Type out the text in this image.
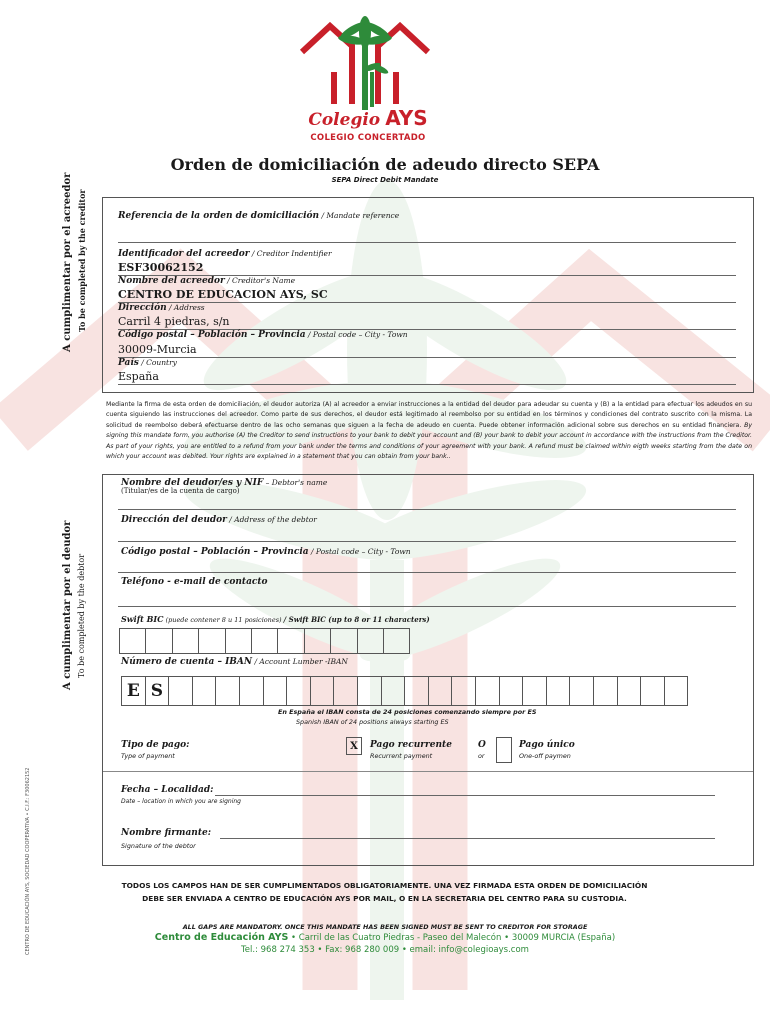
Colegio AYS
COLEGIO CONCERTADO
Orden de domiciliación de adeudo directo SEPA
SEPA Direct Debit Mandate
A cumplimentar por el acreedor To be completed by the creditor	Referencia de la orden de domiciliación / Mandate reference
Identificador del acreedor / Creditor Indentifier
ESF30062152
Nombre del acreedor / Creditor's Name
CENTRO DE EDUCACION AYS, SC
Dirección / Address
Carril 4 piedras, s/n
Código postal – Población – Provincia / Postal code – City - Town
30009-Murcia
País / Country
España
Mediante la firma de esta orden de domiciliación, el deudor autoriza (A) al acreedor a enviar instrucciones a la entidad del deudor para adeudar su cuenta y (B) a la entidad para efectuar los adeudos en su cuenta siguiendo las instrucciones del acreedor. Como parte de sus derechos, el deudor está legitimado al reembolso por su entidad en los términos y condiciones del contrato suscrito con la misma. La solicitud de reembolso deberá efectuarse dentro de las ocho semanas que siguen a la fecha de adeudo en cuenta. Puede obtener información adicional sobre sus derechos en su entidad financiera. By signing this mandate form, you authorise (A) the Creditor to send instructions to your bank to debit your account and (B) your bank to debit your account in accordance with the instructions from the Creditor. As part of your rights, you are entitled to a refund from your bank under the terms and conditions of your agreement with your bank. A refund must be claimed within eigth weeks starting from the date on which your account was debited. Your rights are explained in a statement that you can obtain from your bank..
A cumplimentar por el deudor To be completed by the debtor
Nombre del deudor/es y NIF – Debtor's name
(Titular/es de la cuenta de cargo)
Dirección del deudor / Address of the debtor
Código postal – Población – Provincia / Postal code – City - Town
Teléfono - e-mail de contacto
Swift BIC (puede contener 8 u 11 posiciones) / Swift BIC (up to 8 or 11 characters)
Número de cuenta – IBAN / Account Lumber -IBAN
E S
En España el IBAN consta de 24 posiciones comenzando siempre por ES
Spanish IBAN of 24 positions always starting ES
Tipo de pago:
Type of payment
X	Pago recurrente
Recurrent payment
O
or
Pago único
One-off paymen
Fecha – Localidad:
Date – location in which you are signing
Nombre firmante:
Signature of the debtor
TODOS LOS CAMPOS HAN DE SER CUMPLIMENTADOS OBLIGATORIAMENTE. UNA VEZ FIRMADA ESTA ORDEN DE DOMICILIACIÓN DEBE SER ENVIADA A CENTRO DE EDUCACIÓN AYS POR MAIL, O EN LA SECRETARIA DEL CENTRO PARA SU CUSTODIA.
ALL GAPS ARE MANDATORY. ONCE THIS MANDATE HAS BEEN SIGNED MUST BE SENT TO CREDITOR FOR STORAGE
Centro de Educación AYS • Carril de las Cuatro Piedras - Paseo del Malecón • 30009 MURCIA (España)
Tel.: 968 274 353 • Fax: 968 280 009 • email: info@colegioays.com
CENTRO DE EDUCACIÓN AYS, SOCIEDAD COOPERATIVA • C.I.F.: F30062152
